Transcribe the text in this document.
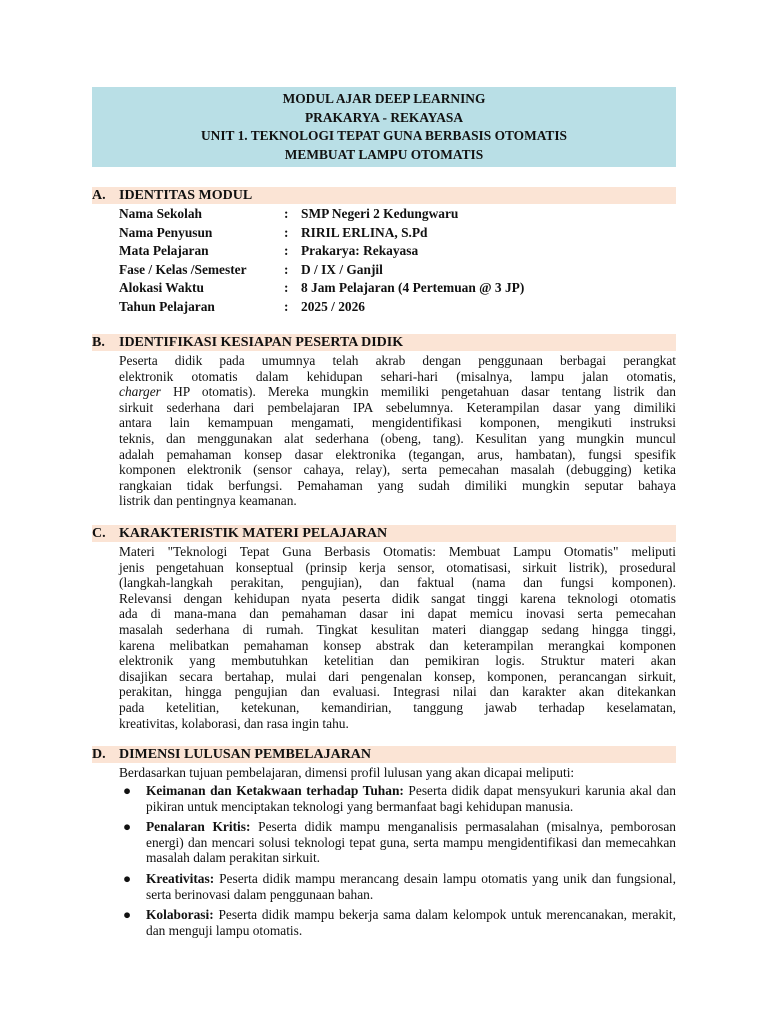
MODUL AJAR DEEP LEARNING
PRAKARYA - REKAYASA
UNIT 1. TEKNOLOGI TEPAT GUNA BERBASIS OTOMATIS
MEMBUAT LAMPU OTOMATIS
A. IDENTITAS MODUL
Nama Sekolah	: SMP Negeri 2 Kedungwaru
Nama Penyusun	: RIRIL ERLINA, S.Pd
Mata Pelajaran	: Prakarya: Rekayasa
Fase / Kelas /Semester	: D / IX / Ganjil
Alokasi Waktu	: 8 Jam Pelajaran (4 Pertemuan @ 3 JP)
Tahun Pelajaran	: 2025 / 2026
B. IDENTIFIKASI KESIAPAN PESERTA DIDIK
Peserta didik pada umumnya telah akrab dengan penggunaan berbagai perangkat
elektronik otomatis dalam kehidupan sehari-hari (misalnya, lampu jalan otomatis,
charger HP otomatis). Mereka mungkin memiliki pengetahuan dasar tentang listrik dan
sirkuit sederhana dari pembelajaran IPA sebelumnya. Keterampilan dasar yang dimiliki
antara lain kemampuan mengamati, mengidentifikasi komponen, mengikuti instruksi
teknis, dan menggunakan alat sederhana (obeng, tang). Kesulitan yang mungkin muncul
adalah pemahaman konsep dasar elektronika (tegangan, arus, hambatan), fungsi spesifik
komponen elektronik (sensor cahaya, relay), serta pemecahan masalah (debugging) ketika
rangkaian tidak berfungsi. Pemahaman yang sudah dimiliki mungkin seputar bahaya
listrik dan pentingnya keamanan.
C. KARAKTERISTIK MATERI PELAJARAN
Materi "Teknologi Tepat Guna Berbasis Otomatis: Membuat Lampu Otomatis" meliputi
jenis pengetahuan konseptual (prinsip kerja sensor, otomatisasi, sirkuit listrik), prosedural
(langkah-langkah perakitan, pengujian), dan faktual (nama dan fungsi komponen).
Relevansi dengan kehidupan nyata peserta didik sangat tinggi karena teknologi otomatis
ada di mana-mana dan pemahaman dasar ini dapat memicu inovasi serta pemecahan
masalah sederhana di rumah. Tingkat kesulitan materi dianggap sedang hingga tinggi,
karena melibatkan pemahaman konsep abstrak dan keterampilan merangkai komponen
elektronik yang membutuhkan ketelitian dan pemikiran logis. Struktur materi akan
disajikan secara bertahap, mulai dari pengenalan konsep, komponen, perancangan sirkuit,
perakitan, hingga pengujian dan evaluasi. Integrasi nilai dan karakter akan ditekankan
pada ketelitian, ketekunan, kemandirian, tanggung jawab terhadap keselamatan,
kreativitas, kolaborasi, dan rasa ingin tahu.
D. DIMENSI LULUSAN PEMBELAJARAN
Berdasarkan tujuan pembelajaran, dimensi profil lulusan yang akan dicapai meliputi:
● Keimanan dan Ketakwaan terhadap Tuhan: Peserta didik dapat mensyukuri karunia akal dan pikiran untuk menciptakan teknologi yang bermanfaat bagi kehidupan manusia.
● Penalaran Kritis: Peserta didik mampu menganalisis permasalahan (misalnya, pemborosan energi) dan mencari solusi teknologi tepat guna, serta mampu mengidentifikasi dan memecahkan masalah dalam perakitan sirkuit.
● Kreativitas: Peserta didik mampu merancang desain lampu otomatis yang unik dan fungsional, serta berinovasi dalam penggunaan bahan.
● Kolaborasi: Peserta didik mampu bekerja sama dalam kelompok untuk merencanakan, merakit, dan menguji lampu otomatis.
